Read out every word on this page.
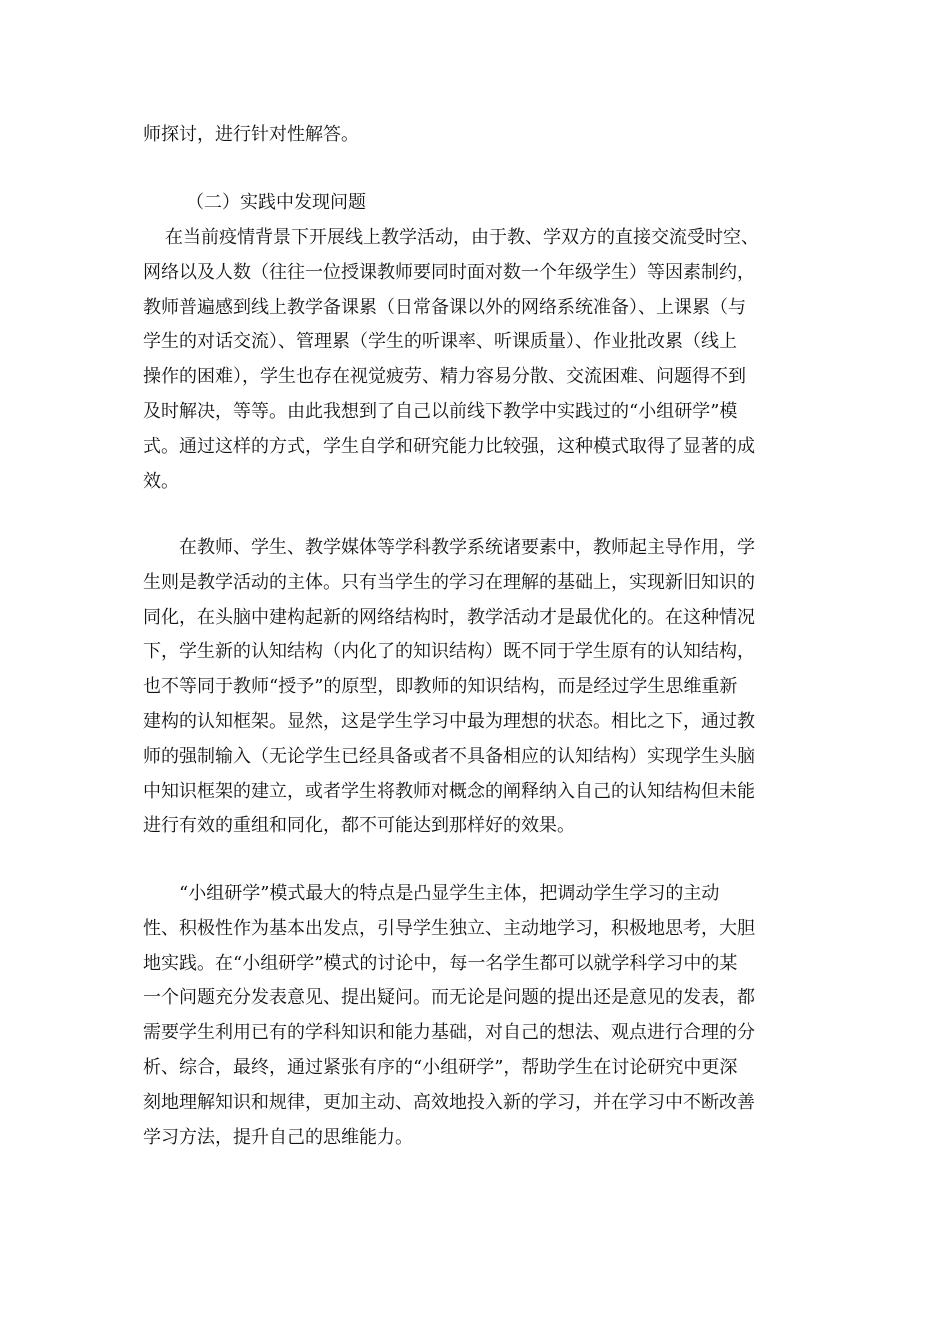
师探讨，进行针对性解答。
（二）实践中发现问题
在当前疫情背景下开展线上教学活动，由于教、学双方的直接交流受时空、
网络以及人数（往往一位授课教师要同时面对数一个年级学生）等因素制约，
教师普遍感到线上教学备课累（日常备课以外的网络系统准备）、上课累（与
学生的对话交流）、管理累（学生的听课率、听课质量）、作业批改累（线上
操作的困难），学生也存在视觉疲劳、精力容易分散、交流困难、问题得不到
及时解决，等等。由此我想到了自己以前线下教学中实践过的“小组研学”模
式。通过这样的方式，学生自学和研究能力比较强，这种模式取得了显著的成
效。
在教师、学生、教学媒体等学科教学系统诸要素中，教师起主导作用，学
生则是教学活动的主体。只有当学生的学习在理解的基础上，实现新旧知识的
同化，在头脑中建构起新的网络结构时，教学活动才是最优化的。在这种情况
下，学生新的认知结构（内化了的知识结构）既不同于学生原有的认知结构，
也不等同于教师“授予”的原型，即教师的知识结构，而是经过学生思维重新
建构的认知框架。显然，这是学生学习中最为理想的状态。相比之下，通过教
师的强制输入（无论学生已经具备或者不具备相应的认知结构）实现学生头脑
中知识框架的建立，或者学生将教师对概念的阐释纳入自己的认知结构但未能
进行有效的重组和同化，都不可能达到那样好的效果。
“小组研学”模式最大的特点是凸显学生主体，把调动学生学习的主动
性、积极性作为基本出发点，引导学生独立、主动地学习，积极地思考，大胆
地实践。在“小组研学”模式的讨论中，每一名学生都可以就学科学习中的某
一个问题充分发表意见、提出疑问。而无论是问题的提出还是意见的发表，都
需要学生利用已有的学科知识和能力基础，对自己的想法、观点进行合理的分
析、综合，最终，通过紧张有序的“小组研学”，帮助学生在讨论研究中更深
刻地理解知识和规律，更加主动、高效地投入新的学习，并在学习中不断改善
学习方法，提升自己的思维能力。
